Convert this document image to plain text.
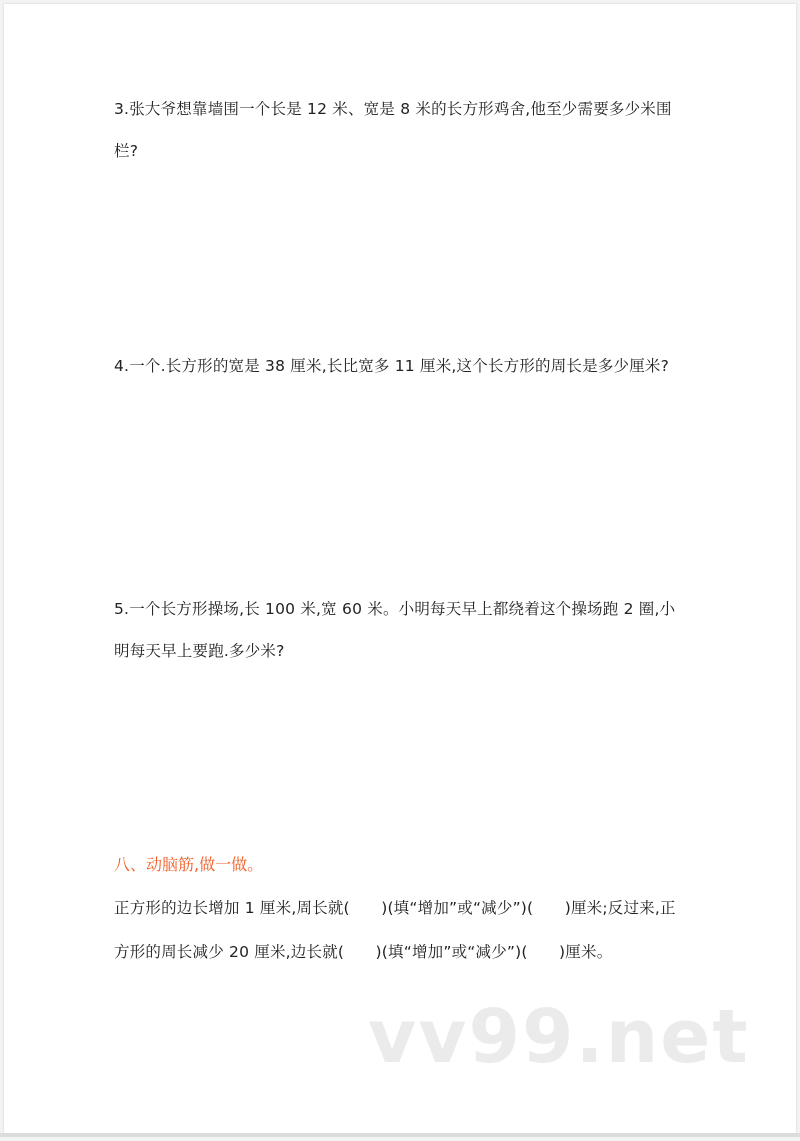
3.张大爷想靠墙围一个长是 12 米、宽是 8 米的长方形鸡舍,他至少需要多少米围
栏?

4.一个.长方形的宽是 38 厘米,长比宽多 11 厘米,这个长方形的周长是多少厘米?

5.一个长方形操场,长 100 米,宽 60 米。小明每天早上都绕着这个操场跑 2 圈,小
明每天早上要跑.多少米?

八、动脑筋,做一做。

正方形的边长增加 1 厘米,周长就(　　)(填“增加”或“减少”)(　　)厘米;反过来,正
方形的周长减少 20 厘米,边长就(　　)(填“增加”或“减少”)(　　)厘米。

vv99.net
